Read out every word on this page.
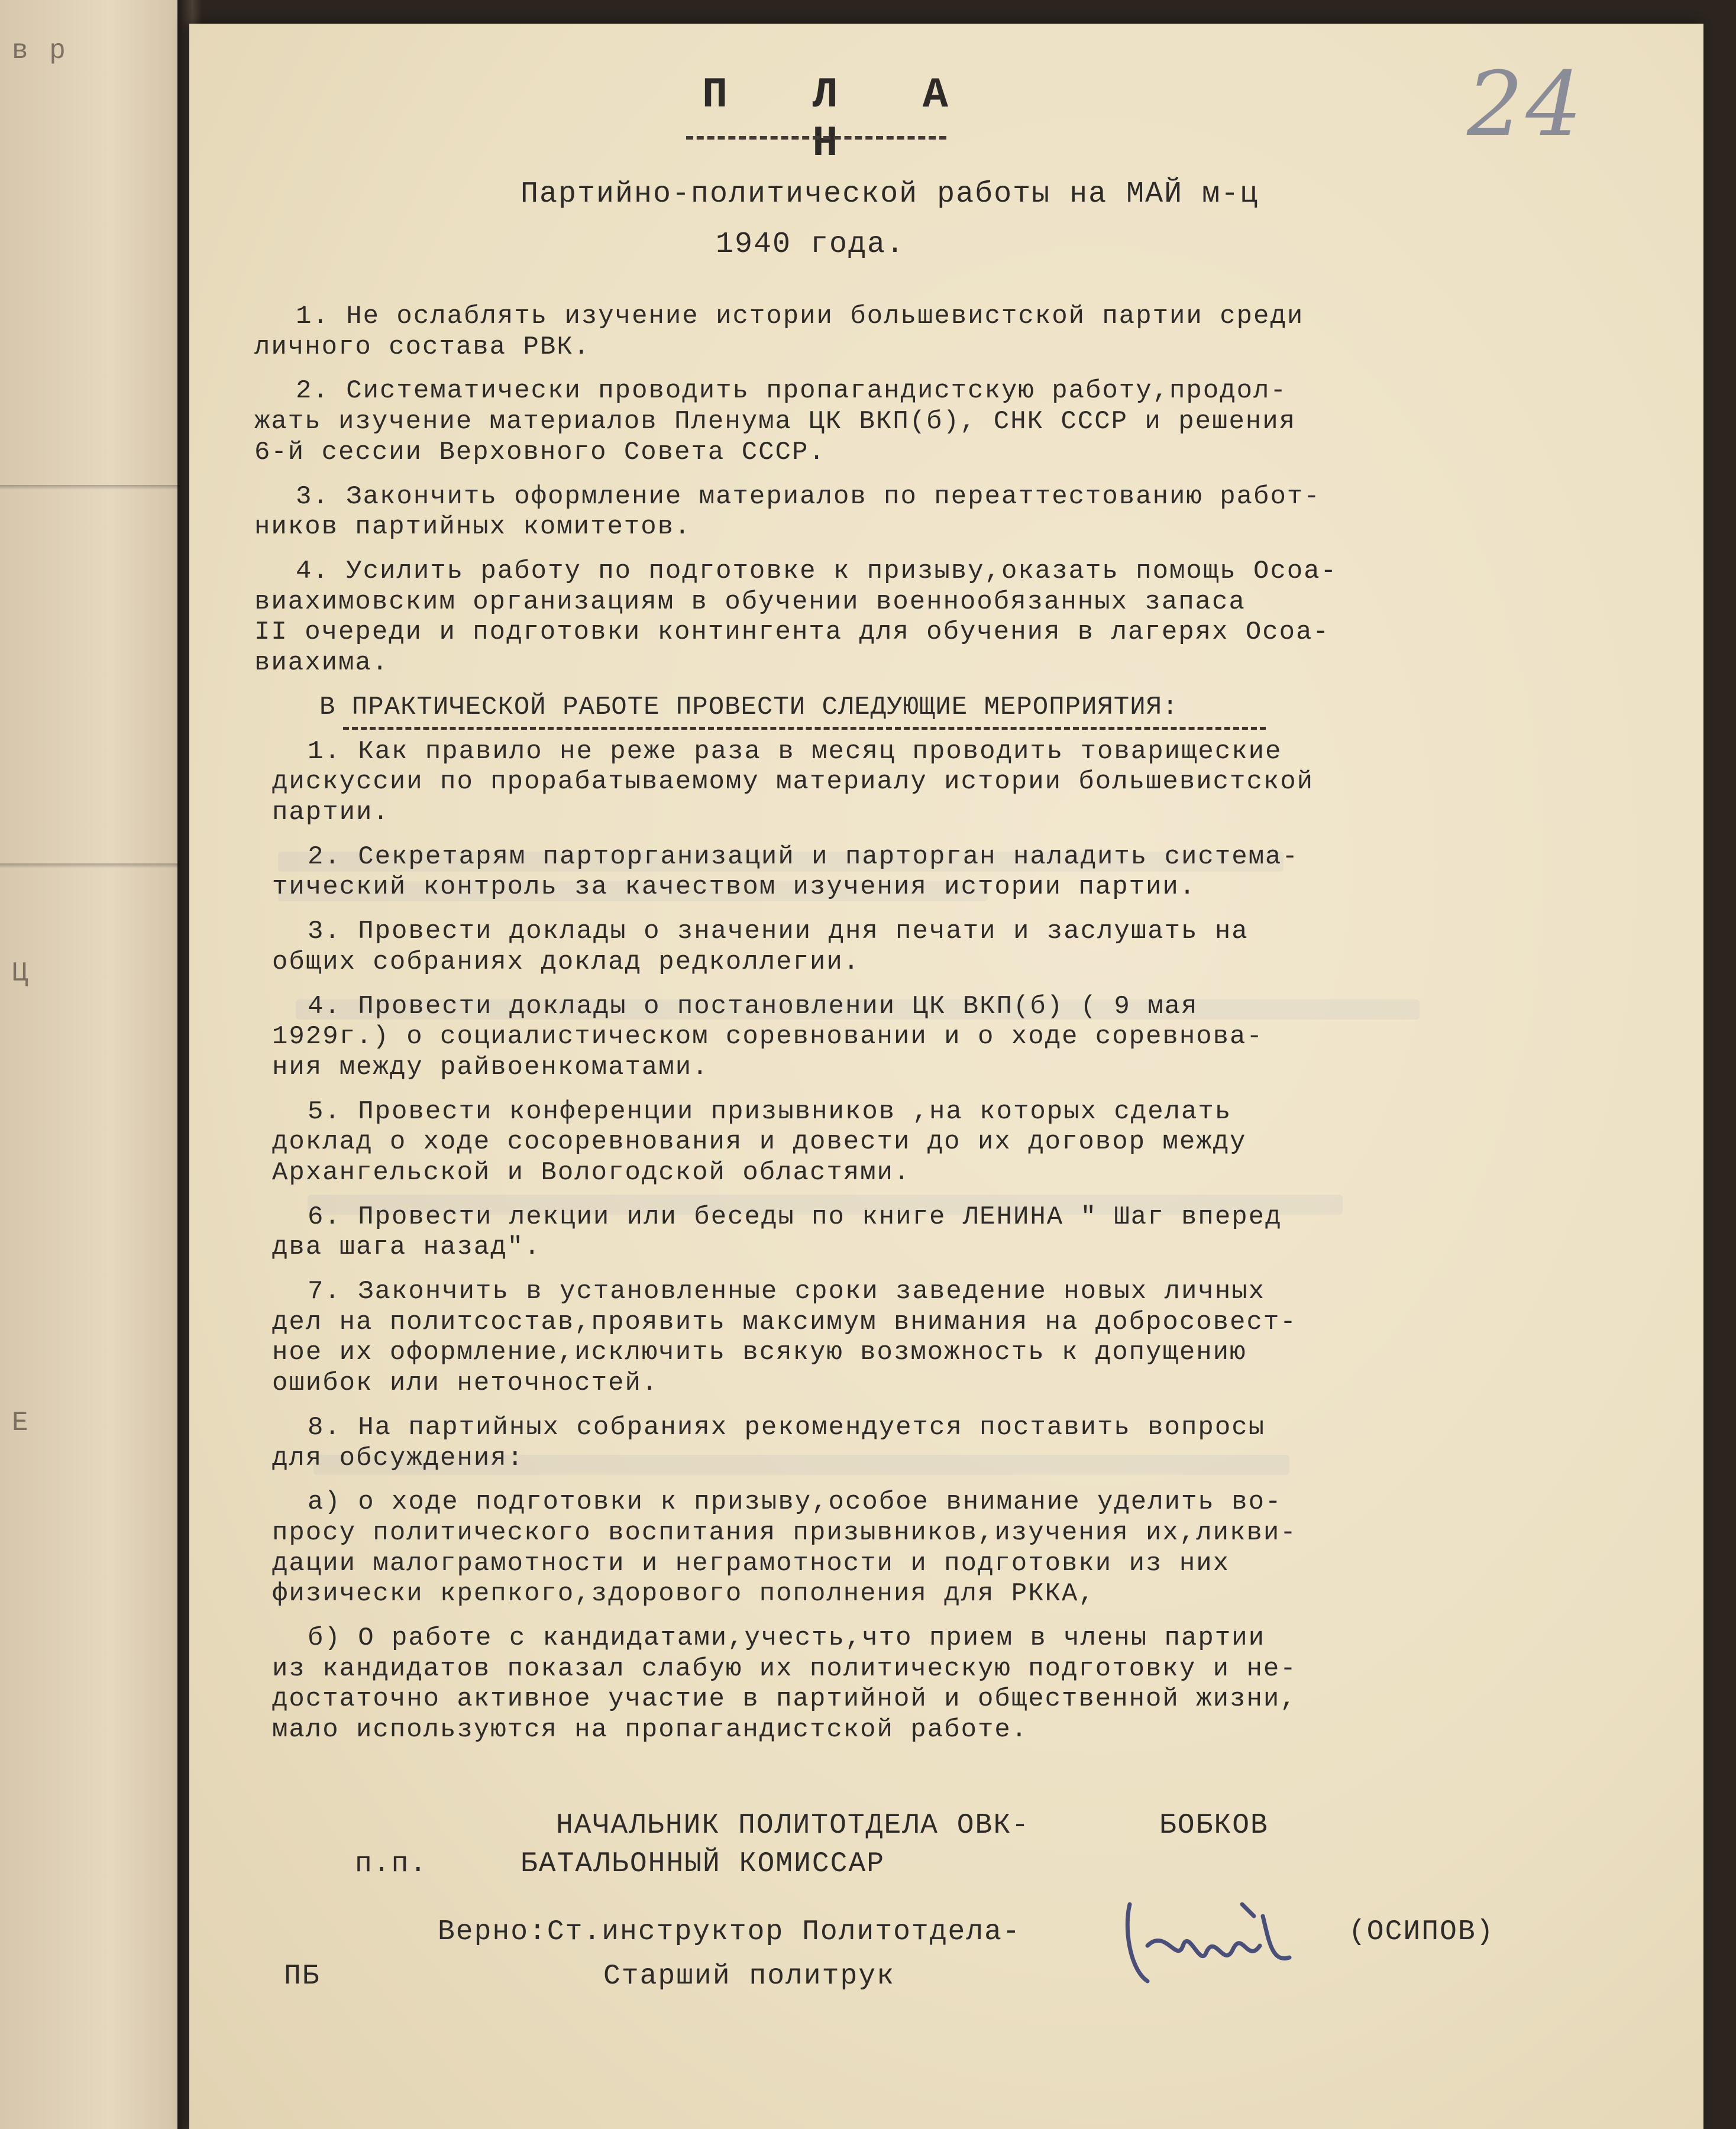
в р
Ц
Е
24
П Л А Н
Партийно-политической работы на МАЙ м-ц
1940 года.
1. Не ослаблять изучение истории большевистской партии среди
личного состава РВК.
2. Систематически проводить пропагандистскую работу,продол-
жать изучение материалов Пленума ЦК ВКП(б), СНК СССР и решения
6-й сессии Верховного Совета СССР.
3. Закончить оформление материалов по переаттестованию работ-
ников партийных комитетов.
4. Усилить работу по подготовке к призыву,оказать помощь Осоа-
виахимовским организациям в обучении военнообязанных запаса
II очереди и подготовки контингента для обучения в лагерях Осоа-
виахима.
В ПРАКТИЧЕСКОЙ РАБОТЕ ПРОВЕСТИ СЛЕДУЮЩИЕ МЕРОПРИЯТИЯ:
1. Как правило не реже раза в месяц проводить товарищеские
дискуссии по прорабатываемому материалу истории большевистской
партии.
2. Секретарям парторганизаций и парторган наладить система-
тический контроль за качеством изучения истории партии.
3. Провести доклады о значении дня печати и заслушать на
общих собраниях доклад редколлегии.
4. Провести доклады о постановлении ЦК ВКП(б) ( 9 мая
1929г.) о социалистическом соревновании и о ходе соревнова-
ния между райвоенкоматами.
5. Провести конференции призывников ,на которых сделать
доклад о ходе сосоревнования и довести до их договор между
Архангельской и Вологодской областями.
6. Провести лекции или беседы по книге ЛЕНИНА " Шаг вперед
два шага назад".
7. Закончить в установленные сроки заведение новых личных
дел на политсостав,проявить максимум внимания на добросовест-
ное их оформление,исключить всякую возможность к допущению
ошибок или неточностей.
8. На партийных собраниях рекомендуется поставить вопросы
для обсуждения:
а) о ходе подготовки к призыву,особое внимание уделить во-
просу политического воспитания призывников,изучения их,ликви-
дации малограмотности и неграмотности и подготовки из них
физически крепкого,здорового пополнения для РККА,
б) О работе с кандидатами,учесть,что прием в члены партии
из кандидатов показал слабую их политическую подготовку и не-
достаточно активное участие в партийной и общественной жизни,
мало используются на пропагандистской работе.
НАЧАЛЬНИК ПОЛИТОТДЕЛА ОВК-	БОБКОВ
п.п.	БАТАЛЬОННЫЙ КОМИССАР
Верно:Ст.инструктор Политотдела-	(ОСИПОВ)
ПБ	Старший политрук
